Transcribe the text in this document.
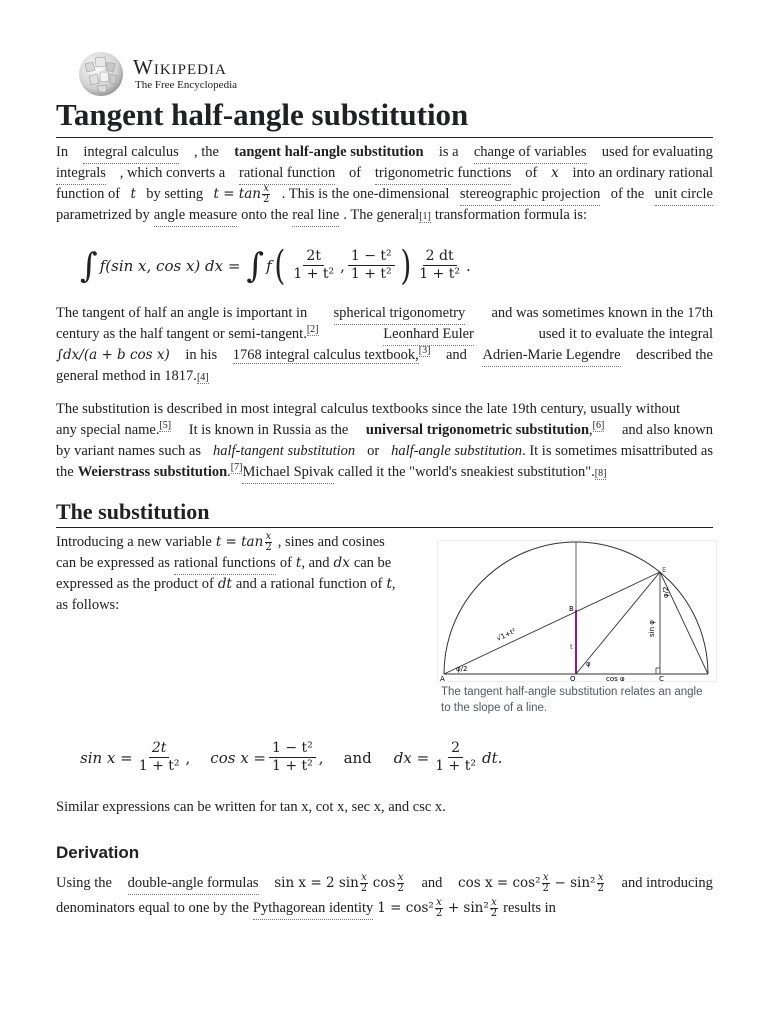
Wikipedia
The Free Encyclopedia
Tangent half-angle substitution
In integral calculus , the tangent half-angle substitution is a change of variables used for evaluating
integrals , which converts a rational function of trigonometric functions of x into an ordinary rational
function of t by setting $t = \tan \frac{x}{2}$ . This is the one-dimensional stereographic projection of the unit circle
parametrized by angle measure onto the real line . The general [1] transformation formula is:
∫ f(sin x, cos x) dx = ∫ f ( $\frac{2t}{\text{1 + t²}}$ , $\frac{\text{1 − t²}}{\text{1 + t²}}$ ) $\frac{2 dt}{\text{1 + t²}}$ .
The tangent of half an angle is important in spherical trigonometry and was sometimes known in the 17th
century as the half tangent or semi-tangent.[2]	Leonhard Euler	used it to evaluate the integral
∫dx/(a + b cos x) in his 1768 integral calculus textbook,[3] and Adrien-Marie Legendre described the
general method in 1817. [4]
The substitution is described in most integral calculus textbooks since the late 19th century, usually without
any special name.[5] It is known in Russia as the universal trigonometric substitution,[6] and also known
by variant names such as half-tangent substitution or half-angle substitution. It is sometimes misattributed as
the Weierstrass substitution.[7] Michael Spivak called it the "world's sneakiest substitution". [8]
The substitution
Introducing a new variable $t = \tan \frac{x}{2}$ , sines and cosines
can be expressed as rational functions of t , and dx can be
expressed as the product of dt and a rational function of t ,
as follows:
A	O	C
B
E
t
φ/2
φ
cos φ
sin φ
φ/2
√1+t²
The tangent half-angle substitution relates an angle to the slope of a line.
$\sin x = \frac{2t}{\text{1 + t²}}$ , $\cos x = \frac{\text{1 − t²}}{\text{1 + t²}}$ , and dx = $\frac{2}{\text{1 + t²}}$ dt.
Similar expressions can be written for tan x, cot x, sec x, and csc x.
Derivation
Using the double-angle formulas sin x = 2 $\sin \frac{x}{2}$ $\cos \frac{x}{2}$ and $\cos x = \cos^2 \frac{x}{2} - \sin^2 \frac{x}{2}$ and introducing
denominators equal to one by the Pythagorean identity $1 = \cos^2 \frac{x}{2} + \sin^2 \frac{x}{2}$ results in
